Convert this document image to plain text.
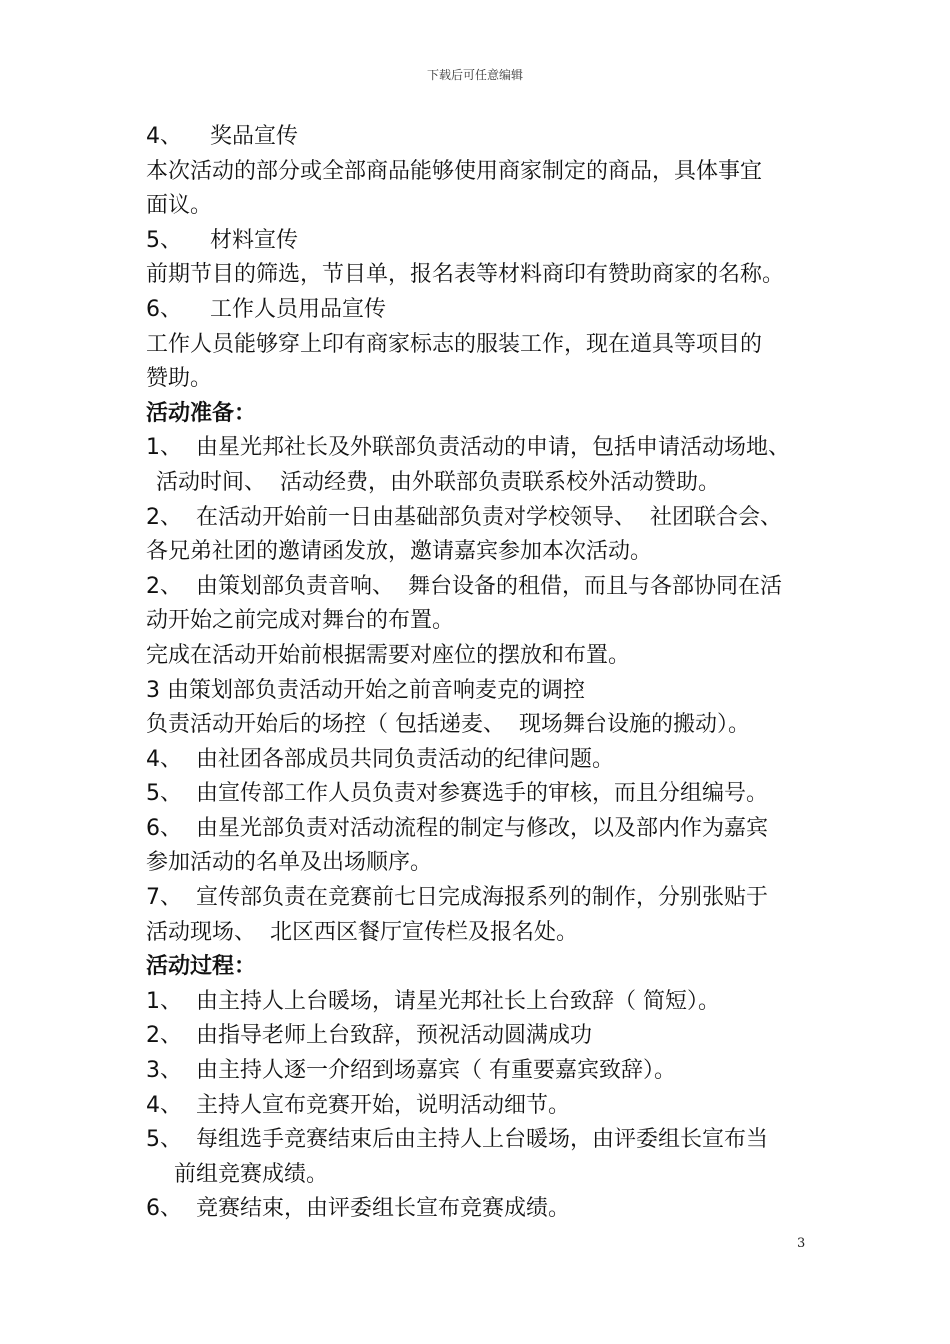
下载后可任意编辑
4、    奖品宣传
本次活动的部分或全部商品能够使用商家制定的商品，具体事宜
面议。
5、    材料宣传
前期节目的筛选，节目单，报名表等材料商印有赞助商家的名称。
6、    工作人员用品宣传
工作人员能够穿上印有商家标志的服装工作，现在道具等项目的
赞助。
活动准备：
1、  由星光邦社长及外联部负责活动的申请，包括申请活动场地、
活动时间、  活动经费，由外联部负责联系校外活动赞助。
2、  在活动开始前一日由基础部负责对学校领导、  社团联合会、
各兄弟社团的邀请函发放，邀请嘉宾参加本次活动。
2、  由策划部负责音响、  舞台设备的租借，而且与各部协同在活
动开始之前完成对舞台的布置。
完成在活动开始前根据需要对座位的摆放和布置。
3 由策划部负责活动开始之前音响麦克的调控
负责活动开始后的场控（ 包括递麦、  现场舞台设施的搬动）。
4、  由社团各部成员共同负责活动的纪律问题。
5、  由宣传部工作人员负责对参赛选手的审核，而且分组编号。
6、  由星光部负责对活动流程的制定与修改，以及部内作为嘉宾
参加活动的名单及出场顺序。
7、  宣传部负责在竞赛前七日完成海报系列的制作，分别张贴于
活动现场、  北区西区餐厅宣传栏及报名处。
活动过程：
1、  由主持人上台暖场，请星光邦社长上台致辞（ 简短）。
2、  由指导老师上台致辞，预祝活动圆满成功
3、  由主持人逐一介绍到场嘉宾（ 有重要嘉宾致辞）。
4、  主持人宣布竞赛开始，说明活动细节。
5、  每组选手竞赛结束后由主持人上台暖场，由评委组长宣布当
前组竞赛成绩。
6、  竞赛结束，由评委组长宣布竞赛成绩。
3
